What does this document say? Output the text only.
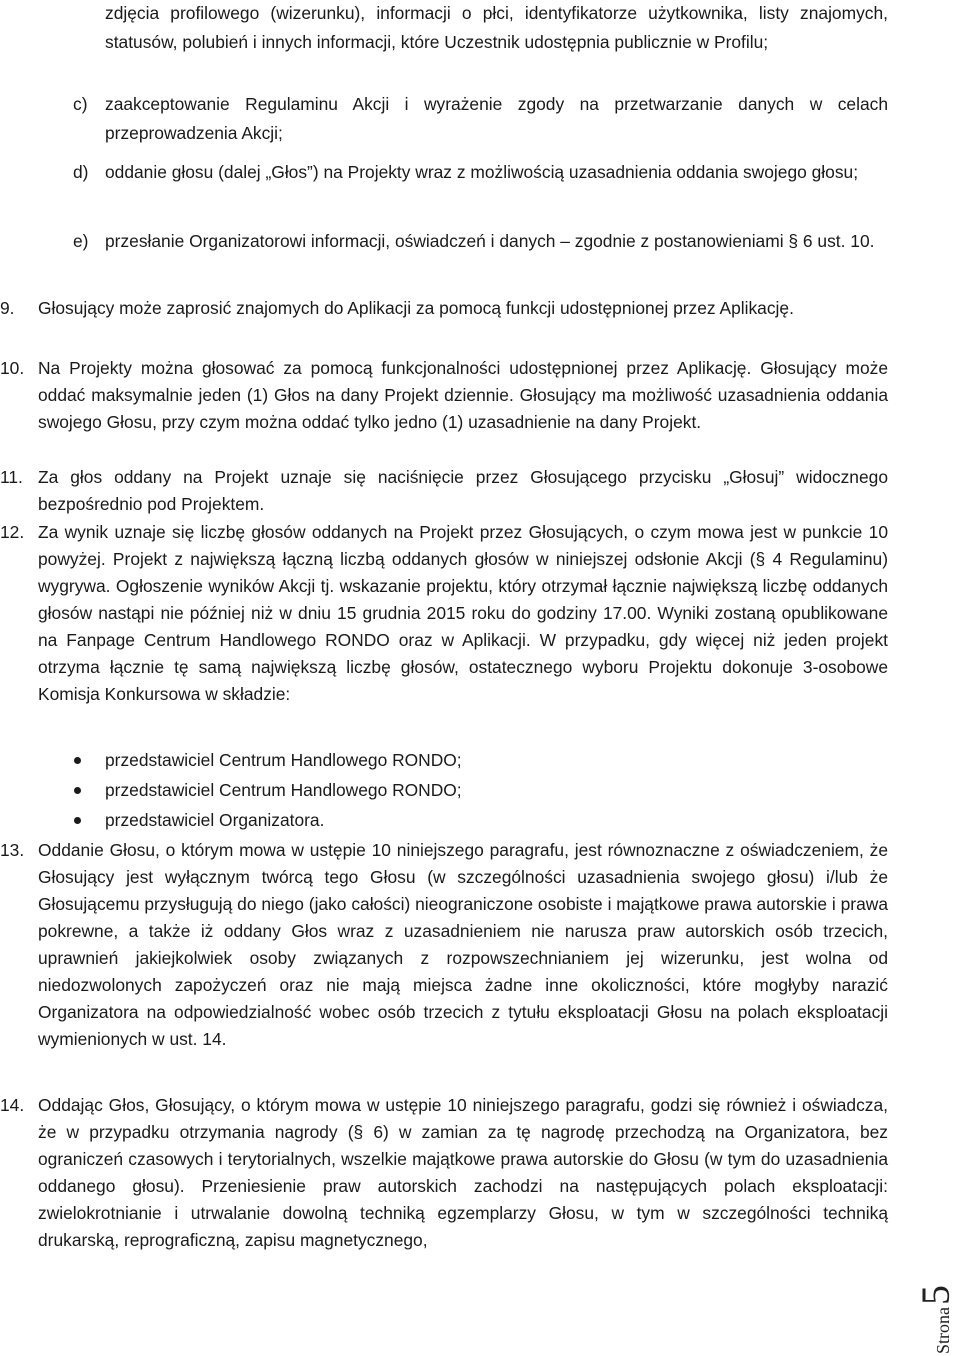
zdjęcia profilowego (wizerunku), informacji o płci, identyfikatorze użytkownika, listy znajomych, statusów, polubień i innych informacji, które Uczestnik udostępnia publicznie w Profilu;

c) zaakceptowanie Regulaminu Akcji i wyrażenie zgody na przetwarzanie danych w celach przeprowadzenia Akcji;

d) oddanie głosu (dalej „Głos”) na Projekty wraz z możliwością uzasadnienia oddania swojego głosu;

e) przesłanie Organizatorowi informacji, oświadczeń i danych – zgodnie z postanowieniami § 6 ust. 10.

9.	Głosujący może zaprosić znajomych do Aplikacji za pomocą funkcji udostępnionej przez Aplikację.

10. Na Projekty można głosować za pomocą funkcjonalności udostępnionej przez Aplikację. Głosujący może oddać maksymalnie jeden (1) Głos na dany Projekt dziennie. Głosujący ma możliwość uzasadnienia oddania swojego Głosu, przy czym można oddać tylko jedno (1) uzasadnienie na dany Projekt.

11. Za głos oddany na Projekt uznaje się naciśnięcie przez Głosującego przycisku „Głosuj” widocznego bezpośrednio pod Projektem.

12. Za wynik uznaje się liczbę głosów oddanych na Projekt przez Głosujących, o czym mowa jest w punkcie 10 powyżej. Projekt z największą łączną liczbą oddanych głosów w niniejszej odsłonie Akcji (§ 4 Regulaminu) wygrywa. Ogłoszenie wyników Akcji tj. wskazanie projektu, który otrzymał łącznie największą liczbę oddanych głosów nastąpi nie później niż w dniu 15 grudnia 2015 roku do godziny 17.00. Wyniki zostaną opublikowane na Fanpage Centrum Handlowego RONDO oraz w Aplikacji. W przypadku, gdy więcej niż jeden projekt otrzyma łącznie tę samą największą liczbę głosów, ostatecznego wyboru Projektu dokonuje 3-osobowe Komisja Konkursowa w składzie:

przedstawiciel Centrum Handlowego RONDO;

przedstawiciel Centrum Handlowego RONDO;

przedstawiciel Organizatora.

13. Oddanie Głosu, o którym mowa w ustępie 10 niniejszego paragrafu, jest równoznaczne z oświadczeniem, że Głosujący jest wyłącznym twórcą tego Głosu (w szczególności uzasadnienia swojego głosu) i/lub że Głosującemu przysługują do niego (jako całości) nieograniczone osobiste i majątkowe prawa autorskie i prawa pokrewne, a także iż oddany Głos wraz z uzasadnieniem nie narusza praw autorskich osób trzecich, uprawnień jakiejkolwiek osoby związanych z rozpowszechnianiem jej wizerunku, jest wolna od niedozwolonych zapożyczeń oraz nie mają miejsca żadne inne okoliczności, które mogłyby narazić Organizatora na odpowiedzialność wobec osób trzecich z tytułu eksploatacji Głosu na polach eksploatacji wymienionych w ust. 14.

14. Oddając Głos, Głosujący, o którym mowa w ustępie 10 niniejszego paragrafu, godzi się również i oświadcza, że w przypadku otrzymania nagrody (§ 6) w zamian za tę nagrodę przechodzą na Organizatora, bez ograniczeń czasowych i terytorialnych, wszelkie majątkowe prawa autorskie do Głosu (w tym do uzasadnienia oddanego głosu). Przeniesienie praw autorskich zachodzi na następujących polach eksploatacji: zwielokrotnianie i utrwalanie dowolną techniką egzemplarzy Głosu, w tym w szczególności techniką drukarską, reprograficzną, zapisu magnetycznego,

Strona
5
